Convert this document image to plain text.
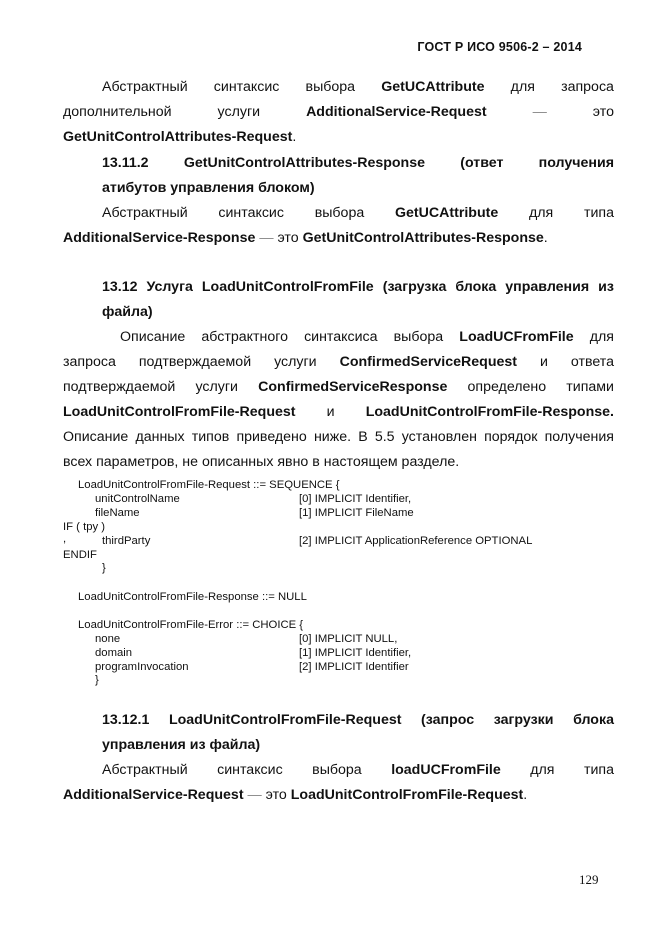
ГОСТ Р ИСО 9506-2 – 2014
Абстрактный синтаксис выбора GetUCAttribute для запроса
дополнительной	услуги	AdditionalService-Request	—	это
GetUnitControlAttributes-Request.
13.11.2 GetUnitControlAttributes-Response (ответ получения
атибутов управления блоком)
Абстрактный синтаксис выбора GetUCAttribute для типа
AdditionalService-Response — это GetUnitControlAttributes-Response.
13.12 Услуга LoadUnitControlFromFile (загрузка блока управления из
файла)
Описание абстрактного синтаксиса выбора LoadUCFromFile для
запроса подтверждаемой услуги ConfirmedServiceRequest и ответа
подтверждаемой услуги ConfirmedServiceResponse определено типами
LoadUnitControlFromFile-Request и LoadUnitControlFromFile-Response.
Описание данных типов приведено ниже. В 5.5 установлен порядок получения
всех параметров, не описанных явно в настоящем разделе.
LoadUnitControlFromFile-Request ::= SEQUENCE {
unitControlName	[0] IMPLICIT Identifier,
fileName	[1] IMPLICIT FileName
IF ( tpy )
,	thirdParty	[2] IMPLICIT ApplicationReference OPTIONAL
ENDIF
}
LoadUnitControlFromFile-Response ::= NULL
LoadUnitControlFromFile-Error ::= CHOICE {
none	[0] IMPLICIT NULL,
domain	[1] IMPLICIT Identifier,
programInvocation	[2] IMPLICIT Identifier
}
13.12.1 LoadUnitControlFromFile-Request (запрос загрузки блока
управления из файла)
Абстрактный синтаксис выбора loadUCFromFile для типа
AdditionalService-Request — это LoadUnitControlFromFile-Request.
129
